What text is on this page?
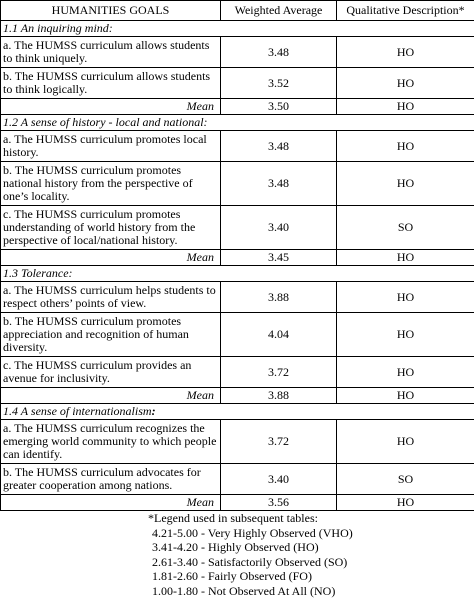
HUMANITIES GOALS	Weighted Average	Qualitative Description*
1.1 An inquiring mind:		
a. The HUMSS curriculum allows students to think uniquely.	3.48	HO
b. The HUMSS curriculum allows students to think logically.	3.52	HO
Mean	3.50	HO
1.2 A sense of history - local and national:		
a. The HUMSS curriculum promotes local history.	3.48	HO
b. The HUMSS curriculum promotes national history from the perspective of one’s locality.	3.48	HO
c. The HUMSS curriculum promotes understanding of world history from the perspective of local/national history.	3.40	SO
Mean	3.45	HO
1.3 Tolerance:		
a. The HUMSS curriculum helps students to respect others’ points of view.	3.88	HO
b. The HUMSS curriculum promotes appreciation and recognition of human diversity.	4.04	HO
c. The HUMSS curriculum provides an avenue for inclusivity.	3.72	HO
Mean	3.88	HO
1.4 A sense of internationalism:		
a. The HUMSS curriculum recognizes the emerging world community to which people can identify.	3.72	HO
b. The HUMSS curriculum advocates for greater cooperation among nations.	3.40	SO
Mean	3.56	HO
*Legend used in subsequent tables:
4.21-5.00 - Very Highly Observed (VHO)
3.41-4.20 - Highly Observed (HO)
2.61-3.40 - Satisfactorily Observed (SO)
1.81-2.60 - Fairly Observed (FO)
1.00-1.80 - Not Observed At All (NO)
